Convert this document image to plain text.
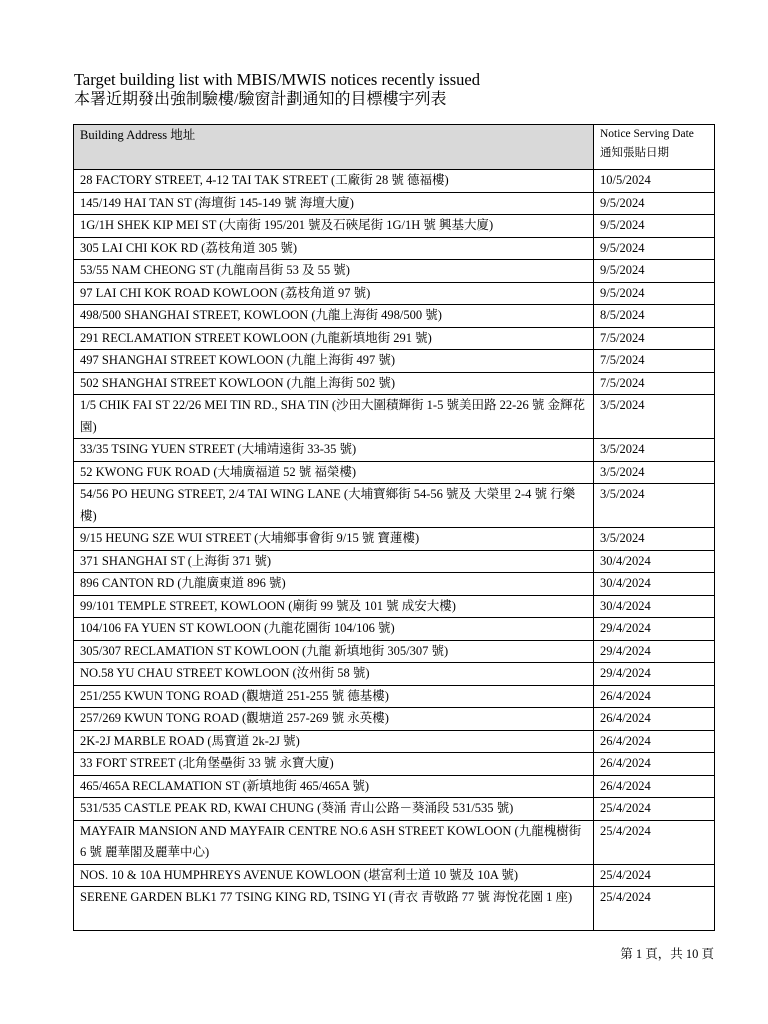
Target building list with MBIS/MWIS notices recently issued
本署近期發出強制驗樓/驗窗計劃通知的目標樓宇列表
Building Address 地址	Notice Serving Date
通知張貼日期

28 FACTORY STREET, 4-12 TAI TAK STREET (工廠街 28 號 德福樓)	10/5/2024
145/149 HAI TAN ST (海壇街 145-149 號 海壇大廈)	9/5/2024
1G/1H SHEK KIP MEI ST (大南街 195/201 號及石硤尾街 1G/1H 號 興基大廈)	9/5/2024
305 LAI CHI KOK RD (荔枝角道 305 號)	9/5/2024
53/55 NAM CHEONG ST (九龍南昌街 53 及 55 號)	9/5/2024
97 LAI CHI KOK ROAD KOWLOON (荔枝角道 97 號)	9/5/2024
498/500 SHANGHAI STREET, KOWLOON (九龍上海街 498/500 號)	8/5/2024
291 RECLAMATION STREET KOWLOON (九龍新填地街 291 號)	7/5/2024
497 SHANGHAI STREET KOWLOON (九龍上海街 497 號)	7/5/2024
502 SHANGHAI STREET KOWLOON (九龍上海街 502 號)	7/5/2024
1/5 CHIK FAI ST 22/26 MEI TIN RD., SHA TIN (沙田大圍積輝街 1-5 號美田路 22-26 號 金輝花園)	3/5/2024
33/35 TSING YUEN STREET (大埔靖遠街 33-35 號)	3/5/2024
52 KWONG FUK ROAD (大埔廣福道 52 號 福榮樓)	3/5/2024
54/56 PO HEUNG STREET, 2/4 TAI WING LANE (大埔寶鄉街 54-56 號及 大榮里 2-4 號 行樂樓)	3/5/2024
9/15 HEUNG SZE WUI STREET (大埔鄉事會街 9/15 號 寶蓮樓)	3/5/2024
371 SHANGHAI ST (上海街 371 號)	30/4/2024
896 CANTON RD (九龍廣東道 896 號)	30/4/2024
99/101 TEMPLE STREET, KOWLOON (廟街 99 號及 101 號 成安大樓)	30/4/2024
104/106 FA YUEN ST KOWLOON (九龍花園街 104/106 號)	29/4/2024
305/307 RECLAMATION ST KOWLOON (九龍 新填地街 305/307 號)	29/4/2024
NO.58 YU CHAU STREET KOWLOON (汝州街 58 號)	29/4/2024
251/255 KWUN TONG ROAD (觀塘道 251-255 號 德基樓)	26/4/2024
257/269 KWUN TONG ROAD (觀塘道 257-269 號 永英樓)	26/4/2024
2K-2J MARBLE ROAD (馬寶道 2k-2J 號)	26/4/2024
33 FORT STREET (北角堡壘街 33 號 永寶大廈)	26/4/2024
465/465A RECLAMATION ST (新填地街 465/465A 號)	26/4/2024
531/535 CASTLE PEAK RD, KWAI CHUNG (葵涌 青山公路－葵涌段 531/535 號)	25/4/2024
MAYFAIR MANSION AND MAYFAIR CENTRE NO.6 ASH STREET KOWLOON (九龍槐樹街 6 號 麗華閣及麗華中心)	25/4/2024
NOS. 10 & 10A HUMPHREYS AVENUE KOWLOON (堪富利士道 10 號及 10A 號)	25/4/2024
SERENE GARDEN BLK1 77 TSING KING RD, TSING YI (青衣 青敬路 77 號 海悅花園 1 座)	25/4/2024
第 1 頁，共 10 頁
